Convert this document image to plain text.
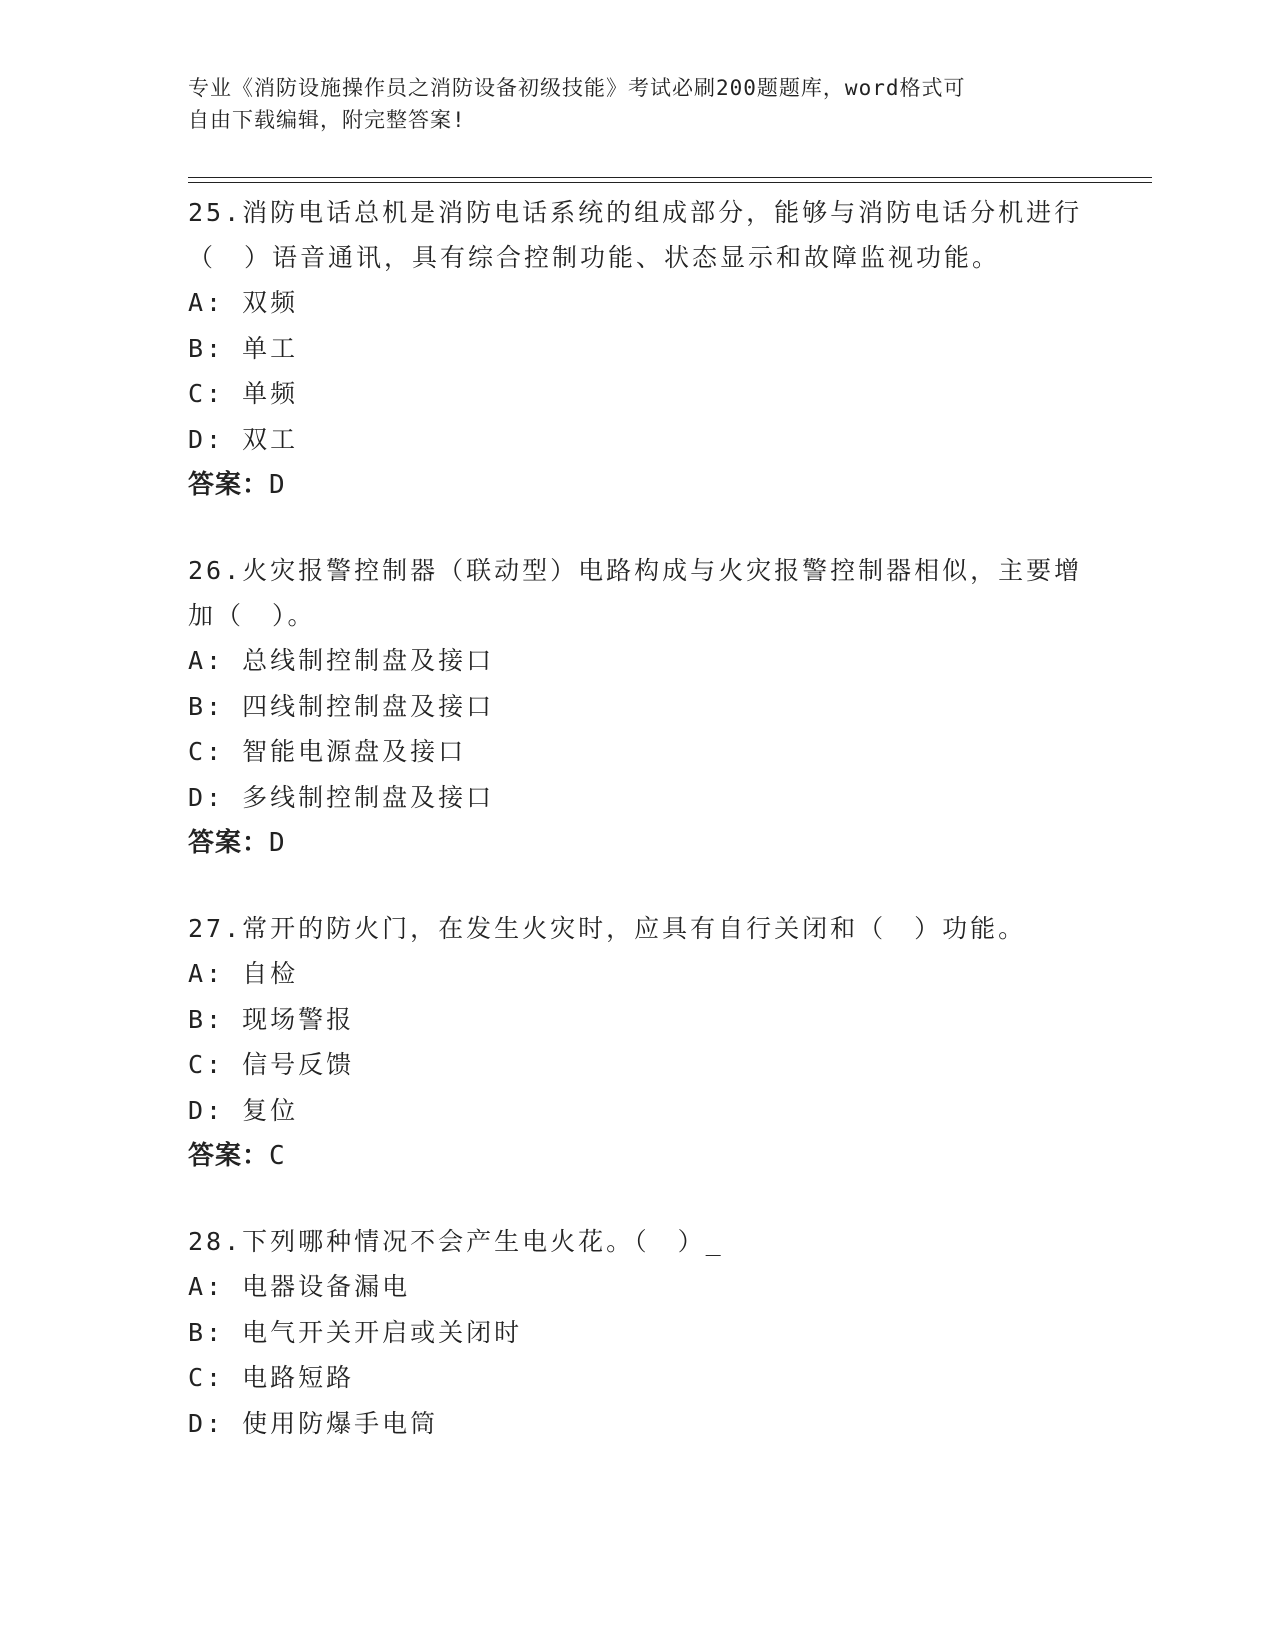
专业《消防设施操作员之消防设备初级技能》考试必刷200题题库，word格式可
自由下载编辑，附完整答案!
25.消防电话总机是消防电话系统的组成部分，能够与消防电话分机进行（　）语音通讯，具有综合控制功能、状态显示和故障监视功能。
A: 双频
B: 单工
C: 单频
D: 双工
答案：D
26.火灾报警控制器（联动型）电路构成与火灾报警控制器相似，主要增加（　）。
A: 总线制控制盘及接口
B: 四线制控制盘及接口
C: 智能电源盘及接口
D: 多线制控制盘及接口
答案：D
27.常开的防火门，在发生火灾时，应具有自行关闭和（　）功能。
A: 自检
B: 现场警报
C: 信号反馈
D: 复位
答案：C
28.下列哪种情况不会产生电火花。（　）_
A: 电器设备漏电
B: 电气开关开启或关闭时
C: 电路短路
D: 使用防爆手电筒
